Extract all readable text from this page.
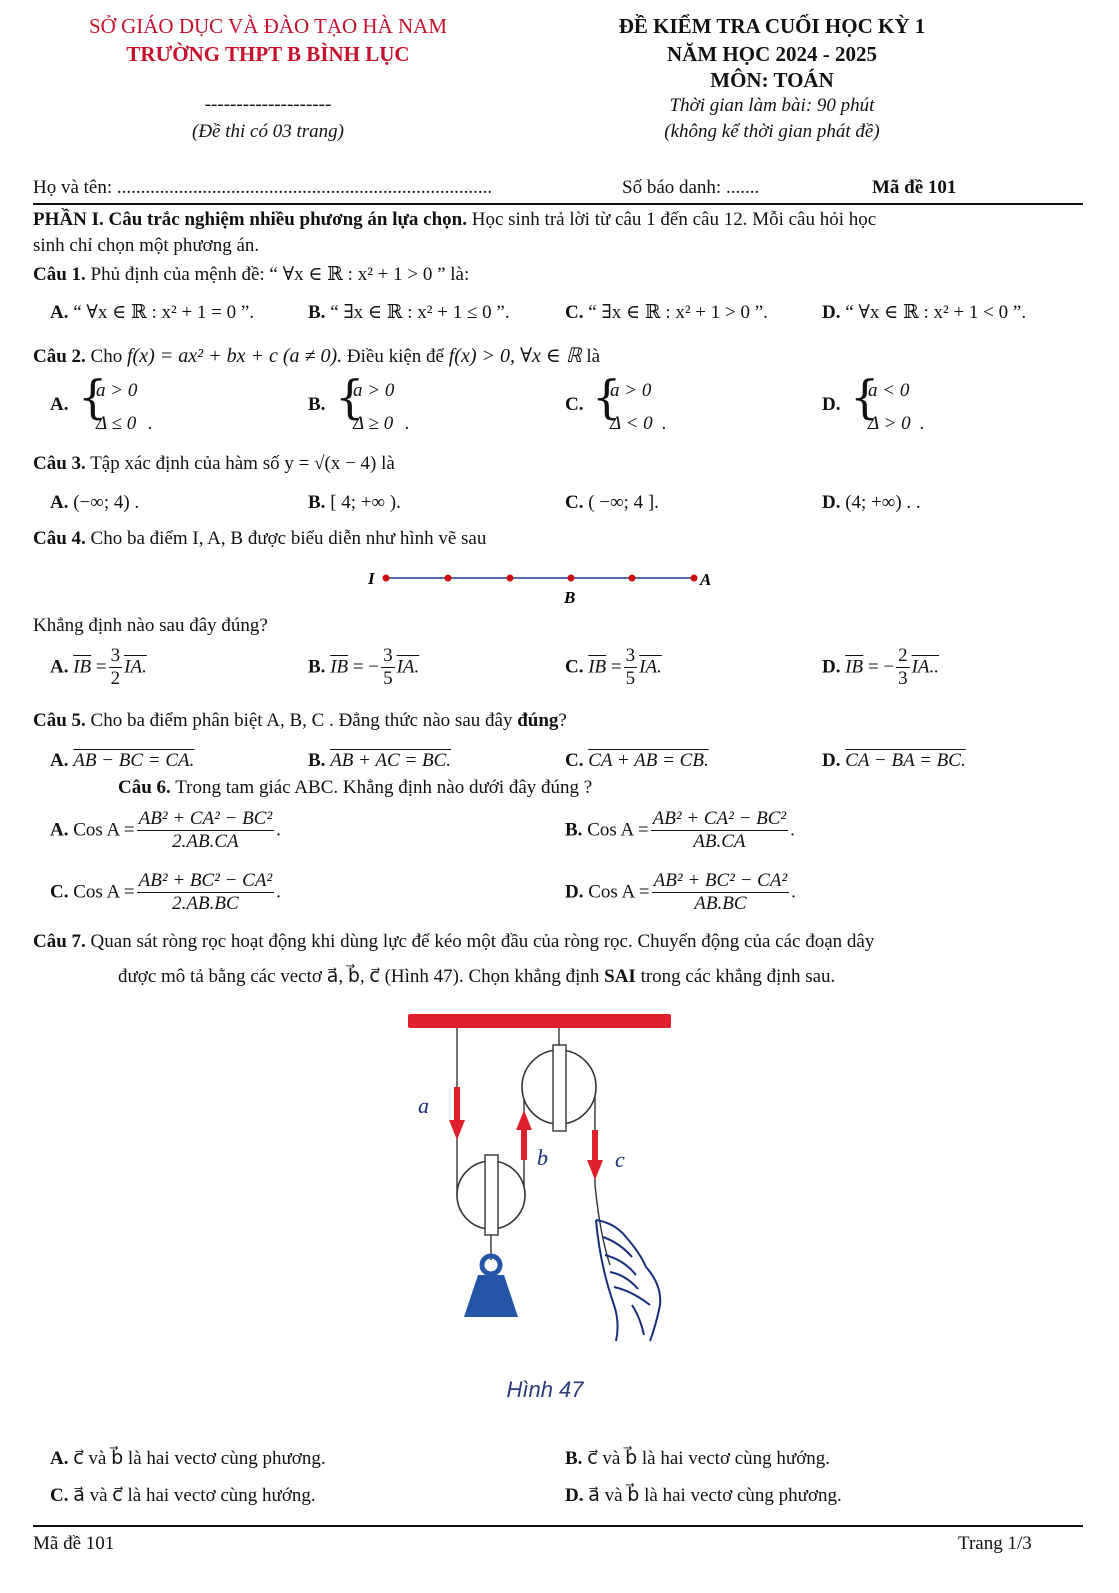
SỞ GIÁO DỤC VÀ ĐÀO TẠO HÀ NAM
TRƯỜNG THPT B BÌNH LỤC
--------------------
(Đề thi có 03 trang)
ĐỀ KIỂM TRA CUỐI HỌC KỲ 1
NĂM HỌC 2024 - 2025
MÔN: TOÁN
Thời gian làm bài: 90 phút
(không kể thời gian phát đề)
Họ và tên: ...............................................................................	Số báo danh: .......	Mã đề 101
PHẦN I. Câu trắc nghiệm nhiều phương án lựa chọn. Học sinh trả lời từ câu 1 đến câu 12. Mỗi câu hỏi học
sinh chỉ chọn một phương án.
Câu 1. Phủ định của mệnh đề: “ ∀x ∈ ℝ : x² + 1 > 0 ” là:
A. “ ∀x ∈ ℝ : x² + 1 = 0 ”.	B. “ ∃x ∈ ℝ : x² + 1 ≤ 0 ”.	C. “ ∃x ∈ ℝ : x² + 1 > 0 ”.	D. “ ∀x ∈ ℝ : x² + 1 < 0 ”.
Câu 2. Cho f(x) = ax² + bx + c (a ≠ 0). Điều kiện để f(x) > 0, ∀x ∈ ℝ là
A. {
a > 0
Δ ≤ 0 .
B. {
a > 0
Δ ≥ 0 .
C. {
a > 0
Δ < 0 .
D. {
a < 0
Δ > 0 .
Câu 3. Tập xác định của hàm số y = √(x − 4) là
A. (−∞; 4) .	B. [ 4; +∞ ).	C. ( −∞; 4 ].	D. (4; +∞) . .
Câu 4. Cho ba điểm I, A, B được biểu diễn như hình vẽ sau
I	A
B
Khẳng định nào sau đây đúng?
A. $\overline{IB} = \frac{3}{2}$ IA.	B. $\overline{IB}$ = − $\frac{3}{5}$ IA.	C. $\overline{IB} = \frac{3}{5}$ IA.	D. $\overline{IB}$ = − $\frac{2}{3}$ IA..
Câu 5. Cho ba điểm phân biệt A, B, C . Đẳng thức nào sau đây đúng?
A. AB − BC = CA.	B. AB + AC = BC.	C. CA + AB = CB.	D. CA − BA = BC.
Câu 6. Trong tam giác ABC. Khẳng định nào dưới đây đúng ?
A. Cos $A = \frac{\text{AB² + CA² − BC²}}{2.AB.CA}$ .	B. Cos $A = \frac{\text{AB² + CA² − BC²}}{AB.CA}$ .
C. Cos $A = \frac{\text{AB² + BC² − CA²}}{2.AB.BC}$ .	D. Cos $A = \frac{\text{AB² + BC² − CA²}}{AB.BC}$ .
Câu 7. Quan sát ròng rọc hoạt động khi dùng lực để kéo một đầu của ròng rọc. Chuyển động của các đoạn dây
được mô tả bằng các vectơ a⃗, b⃗, c⃗ (Hình 47). Chọn khẳng định SAI trong các khẳng định sau.
a⃗
b⃗ c⃗
Hình 47
A. c⃗ và b⃗ là hai vectơ cùng phương.	B. c⃗ và b⃗ là hai vectơ cùng hướng.
C. a⃗ và c⃗ là hai vectơ cùng hướng.	D. a⃗ và b⃗ là hai vectơ cùng phương.
Mã đề 101	Trang 1/3
